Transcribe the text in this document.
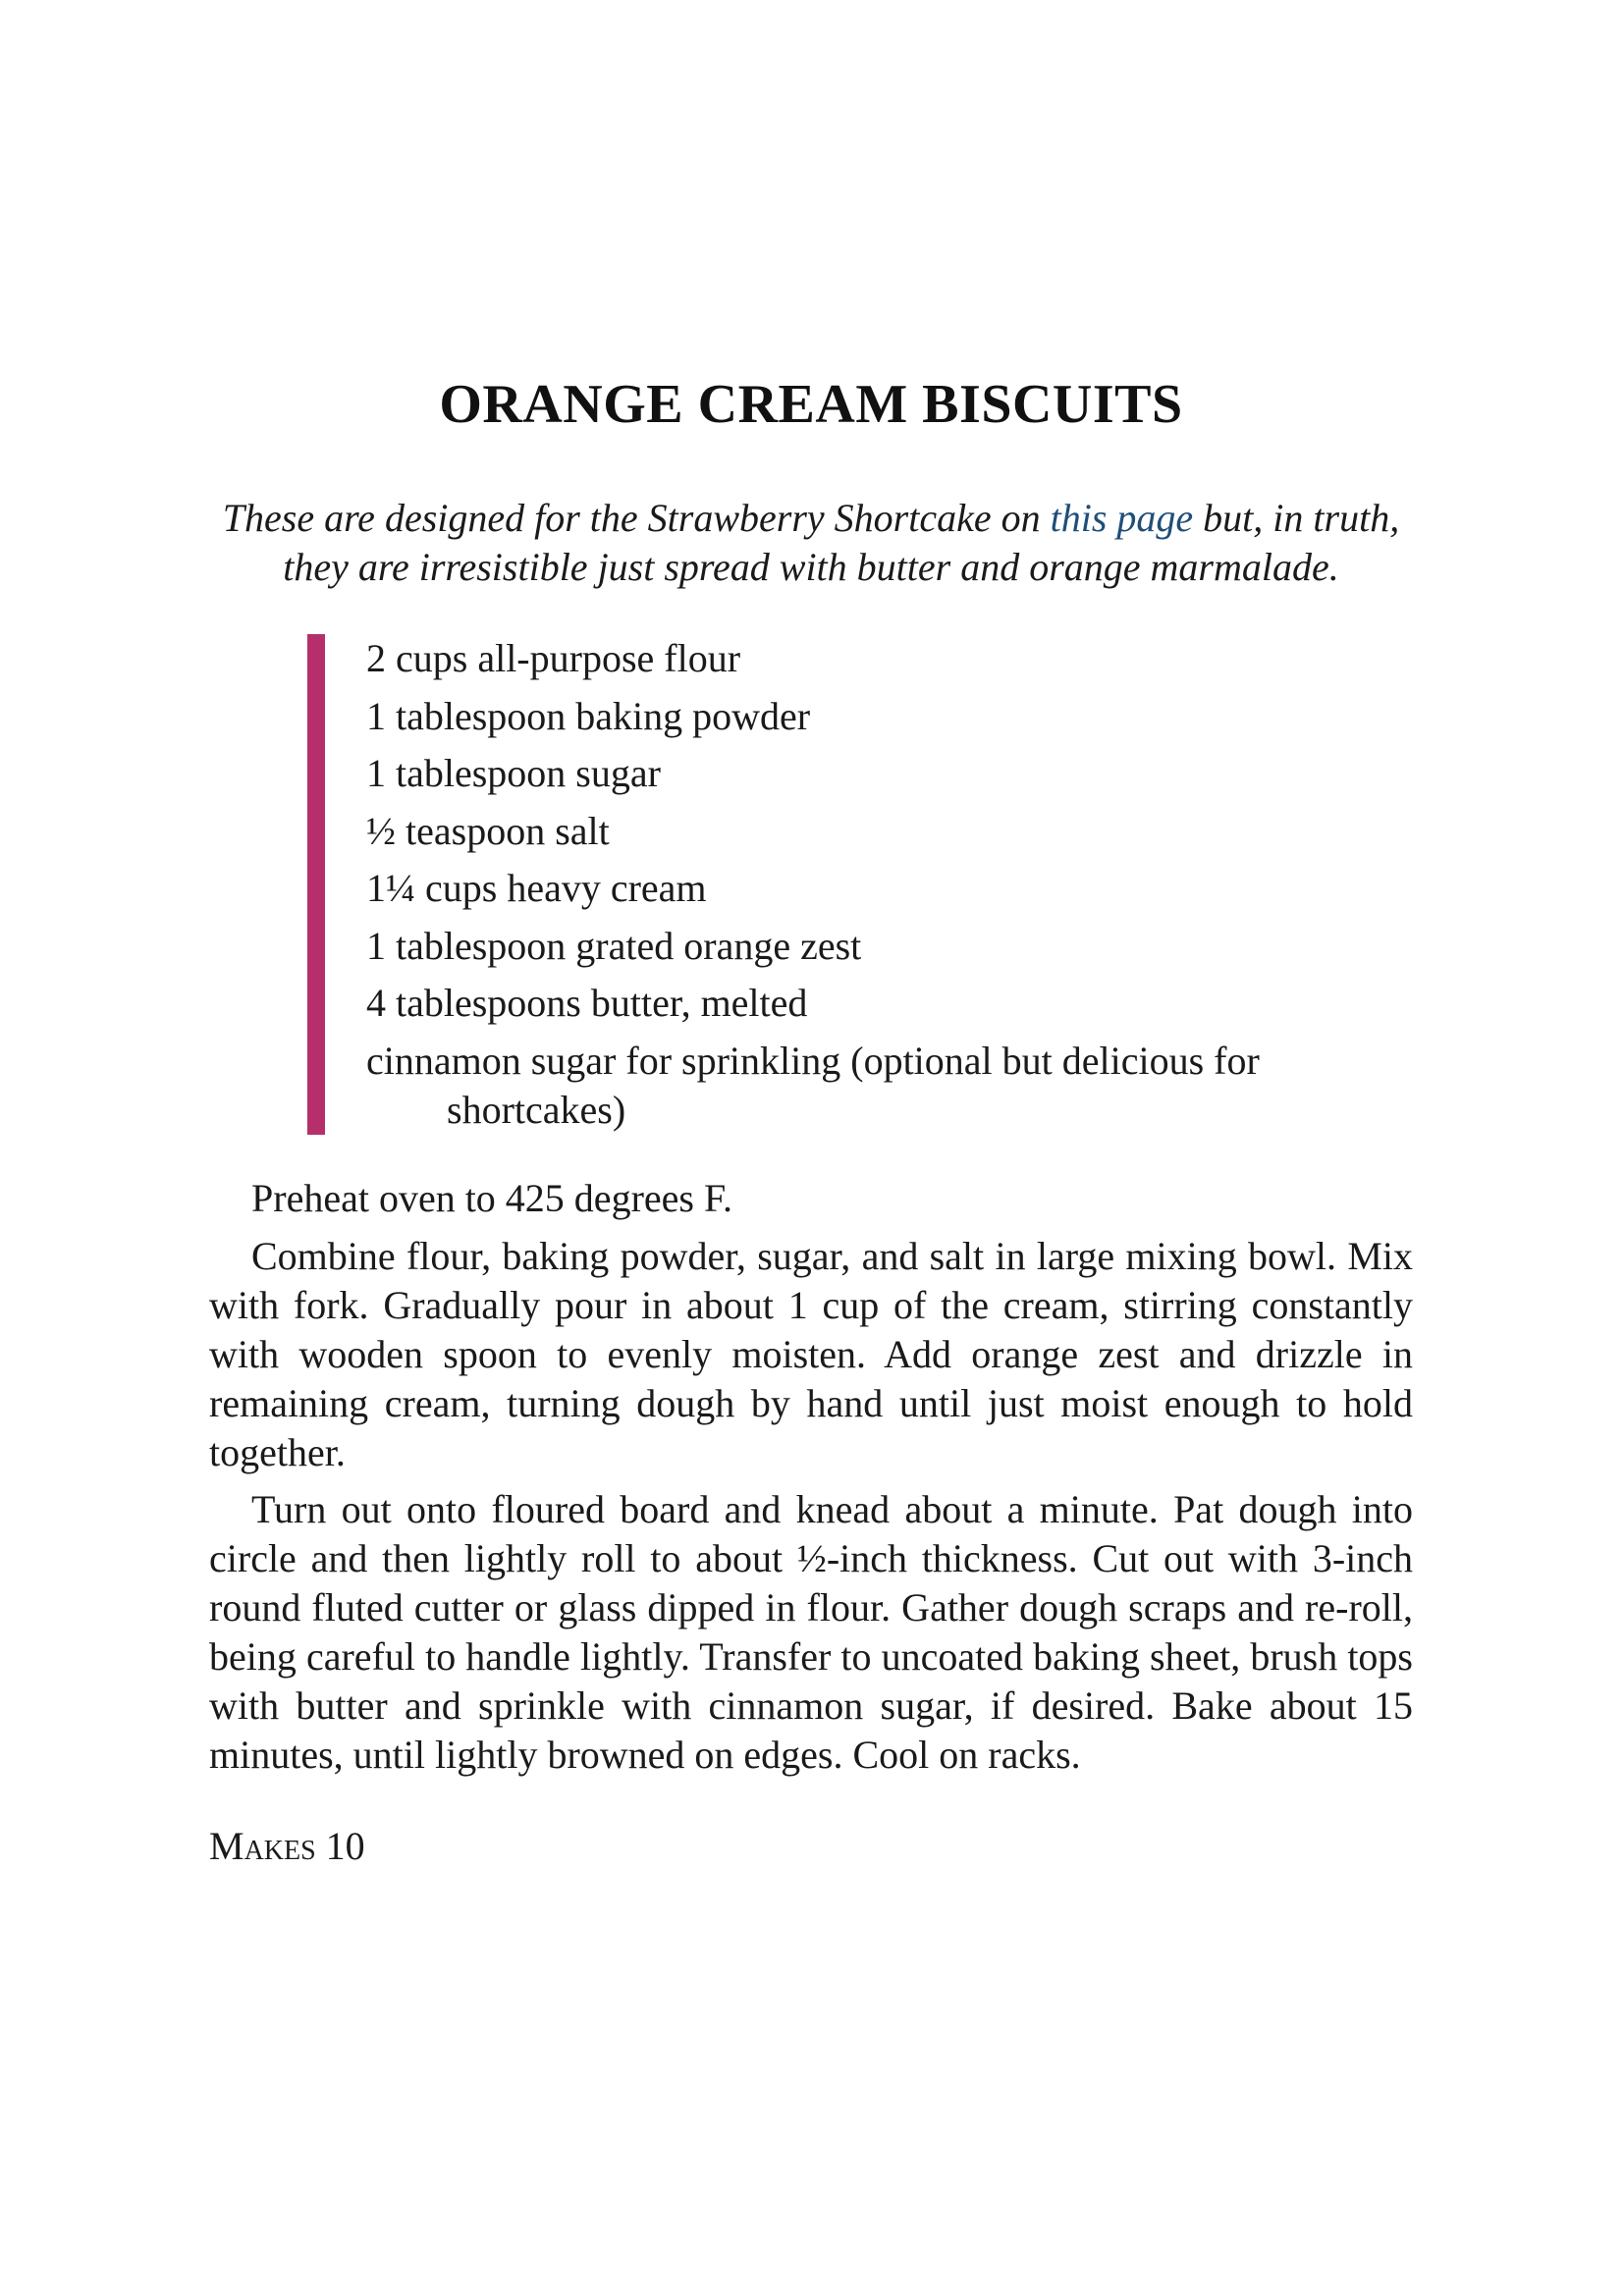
ORANGE CREAM BISCUITS

These are designed for the Strawberry Shortcake on this page but, in truth, they are irresistible just spread with butter and orange marmalade.

2 cups all-purpose flour
1 tablespoon baking powder
1 tablespoon sugar
½ teaspoon salt
1¼ cups heavy cream
1 tablespoon grated orange zest
4 tablespoons butter, melted
cinnamon sugar for sprinkling (optional but delicious for shortcakes)

Preheat oven to 425 degrees F.

Combine flour, baking powder, sugar, and salt in large mixing bowl. Mix with fork. Gradually pour in about 1 cup of the cream, stirring constantly with wooden spoon to evenly moisten. Add orange zest and drizzle in remaining cream, turning dough by hand until just moist enough to hold together.

Turn out onto floured board and knead about a minute. Pat dough into circle and then lightly roll to about ½-inch thickness. Cut out with 3-inch round fluted cutter or glass dipped in flour. Gather dough scraps and re-roll, being careful to handle lightly. Transfer to uncoated baking sheet, brush tops with butter and sprinkle with cinnamon sugar, if desired. Bake about 15 minutes, until lightly browned on edges. Cool on racks.

Makes 10
